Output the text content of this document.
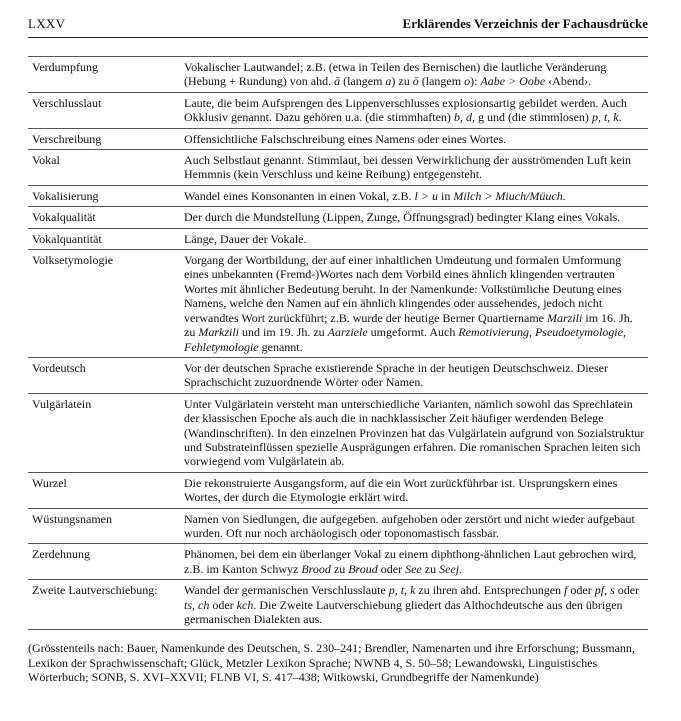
LXXV	Erklärendes Verzeichnis der Fachausdrücke
Verdumpfung	Vokalischer Lautwandel; z.B. (etwa in Teilen des Bernischen) die lautliche Veränderung (Hebung + Rundung) von ahd. ā (langem a) zu ō (langem o): Aabe > Oobe ‹Abend›.
Verschlusslaut	Laute, die beim Aufsprengen des Lippenverschlusses explosionsartig gebildet werden. Auch Okklusiv genannt. Dazu gehören u.a. (die stimmhaften) b, d, g und (die stimmlosen) p, t, k.
Verschreibung	Offensichtliche Falschschreibung eines Namens oder eines Wortes.
Vokal	Auch Selbstlaut genannt. Stimmlaut, bei dessen Verwirklichung der ausströmenden Luft kein Hemmnis (kein Verschluss und keine Reibung) entgegensteht.
Vokalisierung	Wandel eines Konsonanten in einen Vokal, z.B. l > u in Milch > Miuch/Müuch.
Vokalqualität	Der durch die Mundstellung (Lippen, Zunge, Öffnungsgrad) bedingter Klang eines Vokals.
Vokalquantität	Länge, Dauer der Vokale.
Volksetymologie	Vorgang der Wortbildung, der auf einer inhaltlichen Umdeutung und formalen Umformung eines unbekannten (Fremd-)Wortes nach dem Vorbild eines ähnlich klingenden vertrauten Wortes mit ähnlicher Bedeutung beruht. In der Namenkunde: Volkstümliche Deutung eines Namens, welche den Namen auf ein ähnlich klingendes oder aussehendes, jedoch nicht verwandtes Wort zurückführt; z.B. wurde der heutige Berner Quartiername Marzili im 16. Jh. zu Markzili und im 19. Jh. zu Aarziele umgeformt. Auch Remotivierung, Pseudoetymologie, Fehletymologie genannt.
Vordeutsch	Vor der deutschen Sprache existierende Sprache in der heutigen Deutschschweiz. Dieser Sprachschicht zuzuordnende Wörter oder Namen.
Vulgärlatein	Unter Vulgärlatein versteht man unterschiedliche Varianten, nämlich sowohl das Sprechlatein der klassischen Epoche als auch die in nachklassischer Zeit häufiger werdenden Belege (Wandinschriften). In den einzelnen Provinzen hat das Vulgärlatein aufgrund von Sozialstruktur und Substrateinflüssen spezielle Ausprägungen erfahren. Die romanischen Sprachen leiten sich vorwiegend vom Vulgärlatein ab.
Wurzel	Die rekonstruierte Ausgangsform, auf die ein Wort zurückführbar ist. Ursprungskern eines Wortes, der durch die Etymologie erklärt wird.
Wüstungsnamen	Namen von Siedlungen, die aufgegeben. aufgehoben oder zerstört und nicht wieder aufgebaut wurden. Oft nur noch archäologisch oder toponomastisch fassbar.
Zerdehnung	Phänomen, bei dem ein überlanger Vokal zu einem diphthong-ähnlichen Laut gebrochen wird, z.B. im Kanton Schwyz Brood zu Broud oder See zu Seej.
Zweite Lautverschiebung:	Wandel der germanischen Verschlusslaute p, t, k zu ihren ahd. Entsprechungen f oder pf, s oder ts, ch oder kch. Die Zweite Lautverschiebung gliedert das Althochdeutsche aus den übrigen germanischen Dialekten aus.

(Grösstenteils nach: Bauer, Namenkunde des Deutschen, S. 230–241; Brendler, Namenarten und ihre Erforschung; Bussmann, Lexikon der Sprachwissenschaft; Glück, Metzler Lexikon Sprache; NWNB 4, S. 50–58; Lewandowski, Linguistisches Wörterbuch; SONB, S. XVI–XXVII; FLNB VI, S. 417–438; Witkowski, Grundbegriffe der Namenkunde)
